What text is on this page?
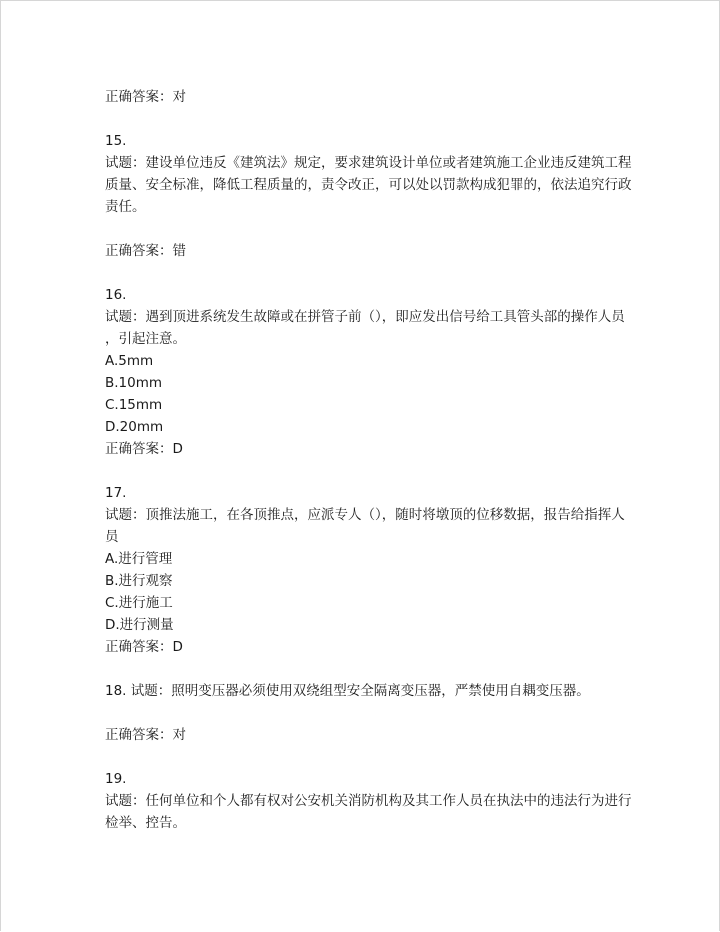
正确答案：对
15.
试题：建设单位违反《建筑法》规定，要求建筑设计单位或者建筑施工企业违反建筑工程
质量、安全标准，降低工程质量的，责令改正，可以处以罚款构成犯罪的，依法追究行政
责任。
正确答案：错
16.
试题：遇到顶进系统发生故障或在拼管子前（），即应发出信号给工具管头部的操作人员
，引起注意。
A.5mm
B.10mm
C.15mm
D.20mm
正确答案：D
17.
试题：顶推法施工，在各顶推点，应派专人（），随时将墩顶的位移数据，报告给指挥人
员
A.进行管理
B.进行观察
C.进行施工
D.进行测量
正确答案：D
18. 试题：照明变压器必须使用双绕组型安全隔离变压器，严禁使用自耦变压器。
正确答案：对
19.
试题：任何单位和个人都有权对公安机关消防机构及其工作人员在执法中的违法行为进行
检举、控告。
